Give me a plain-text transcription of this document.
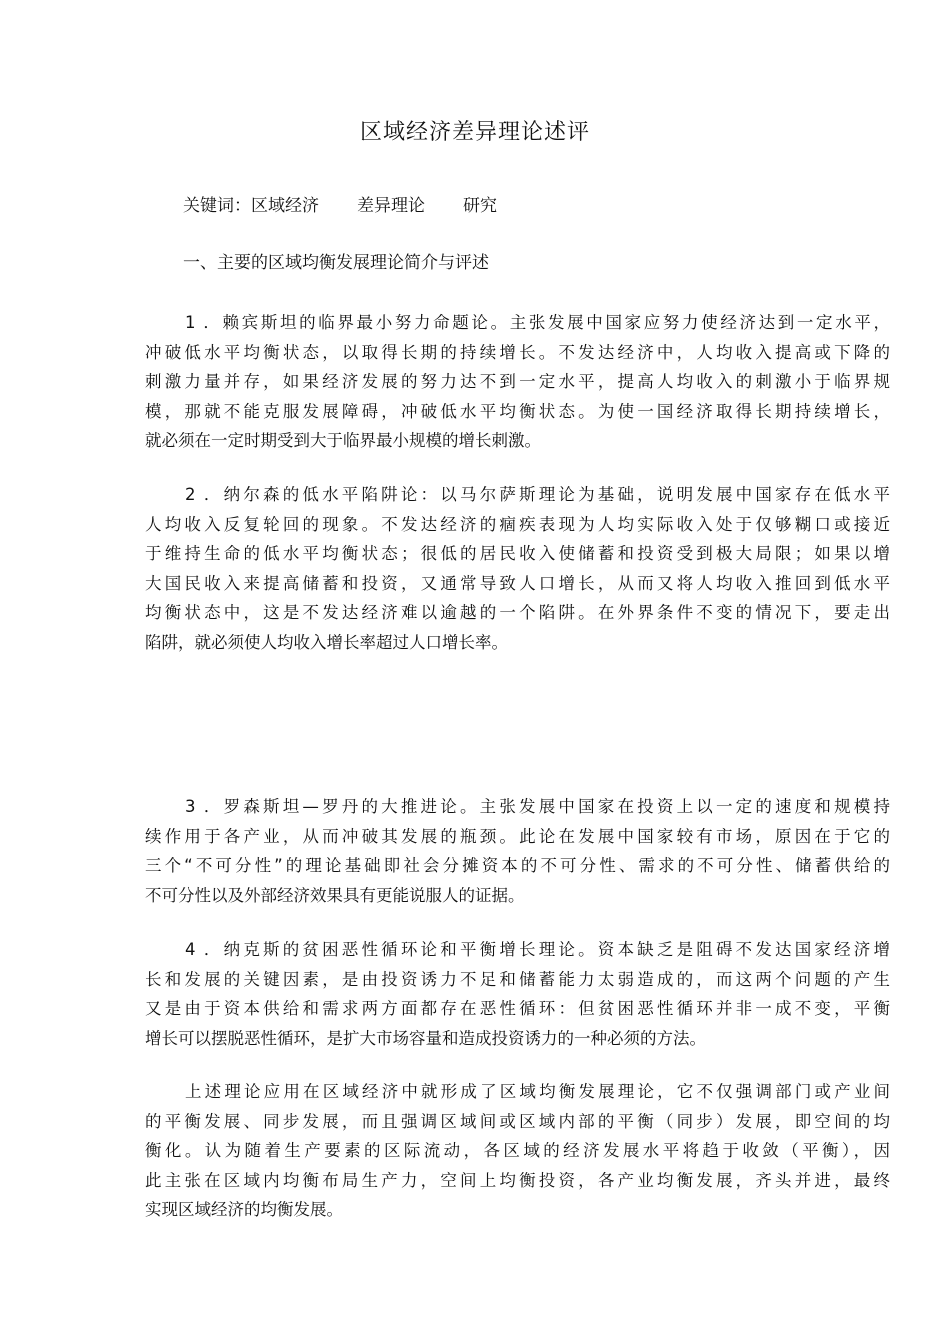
区域经济差异理论述评
关键词：区域经济 差异理论 研究
一、主要的区域均衡发展理论简介与评述

1 ．赖宾斯坦的临界最小努力命题论。主张发展中国家应努力使经济达到一定水平，
冲破低水平均衡状态，以取得长期的持续增长。不发达经济中，人均收入提高或下降的
刺激力量并存，如果经济发展的努力达不到一定水平，提高人均收入的刺激小于临界规
模，那就不能克服发展障碍，冲破低水平均衡状态。为使一国经济取得长期持续增长，
就必须在一定时期受到大于临界最小规模的增长刺激。

2 ．纳尔森的低水平陷阱论：以马尔萨斯理论为基础，说明发展中国家存在低水平
人均收入反复轮回的现象。不发达经济的痼疾表现为人均实际收入处于仅够糊口或接近
于维持生命的低水平均衡状态；很低的居民收入使储蓄和投资受到极大局限；如果以增
大国民收入来提高储蓄和投资，又通常导致人口增长，从而又将人均收入推回到低水平
均衡状态中，这是不发达经济难以逾越的一个陷阱。在外界条件不变的情况下，要走出
陷阱，就必须使人均收入增长率超过人口增长率。

3 ．罗森斯坦—罗丹的大推进论。主张发展中国家在投资上以一定的速度和规模持
续作用于各产业，从而冲破其发展的瓶颈。此论在发展中国家较有市场，原因在于它的
三个“不可分性”的理论基础即社会分摊资本的不可分性、需求的不可分性、储蓄供给的
不可分性以及外部经济效果具有更能说服人的证据。

4 ．纳克斯的贫困恶性循环论和平衡增长理论。资本缺乏是阻碍不发达国家经济增
长和发展的关键因素，是由投资诱力不足和储蓄能力太弱造成的，而这两个问题的产生
又是由于资本供给和需求两方面都存在恶性循环：但贫困恶性循环并非一成不变，平衡
增长可以摆脱恶性循环，是扩大市场容量和造成投资诱力的一种必须的方法。

上述理论应用在区域经济中就形成了区域均衡发展理论，它不仅强调部门或产业间
的平衡发展、同步发展，而且强调区域间或区域内部的平衡（同步）发展，即空间的均
衡化。认为随着生产要素的区际流动，各区域的经济发展水平将趋于收敛（平衡），因
此主张在区域内均衡布局生产力，空间上均衡投资，各产业均衡发展，齐头并进，最终
实现区域经济的均衡发展。
